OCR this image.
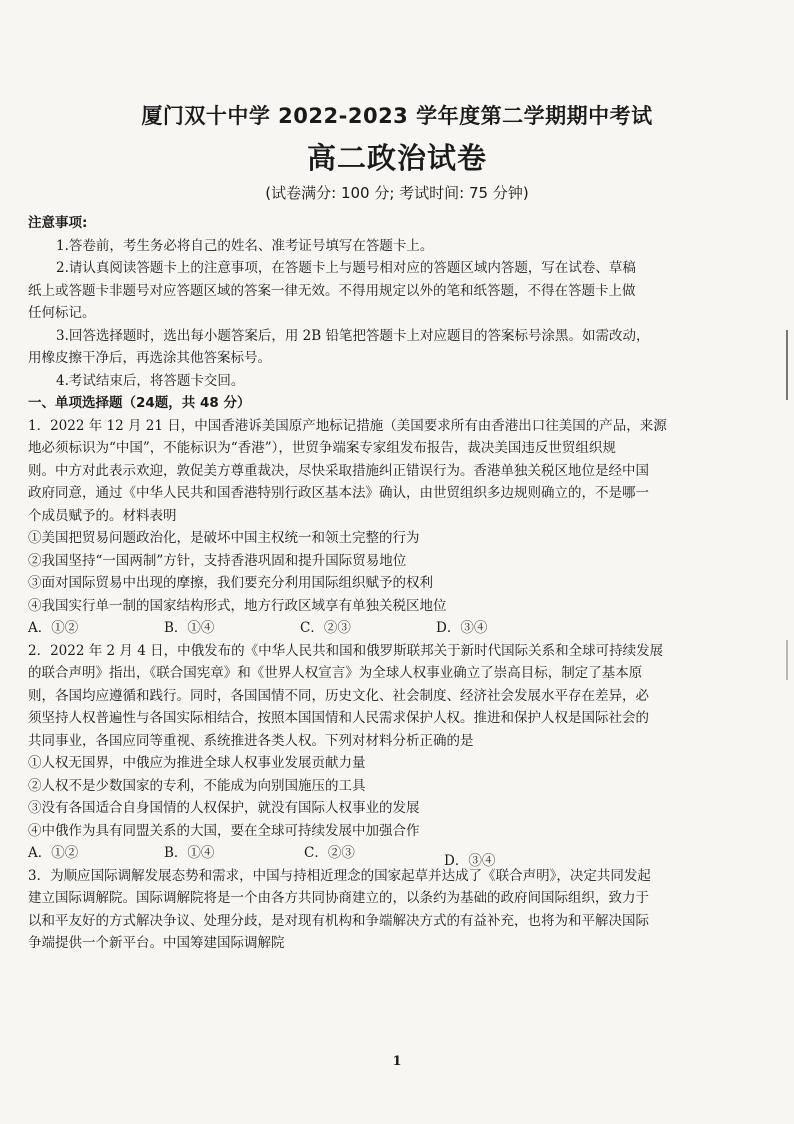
厦门双十中学 2022-2023 学年度第二学期期中考试
高二政治试卷
(试卷满分: 100 分; 考试时间: 75 分钟)
注意事项:
1.答卷前，考生务必将自己的姓名、准考证号填写在答题卡上。
2.请认真阅读答题卡上的注意事项，在答题卡上与题号相对应的答题区域内答题，写在试卷、草稿
纸上或答题卡非题号对应答题区域的答案一律无效。不得用规定以外的笔和纸答题，不得在答题卡上做
任何标记。
3.回答选择题时，选出每小题答案后，用 2B 铅笔把答题卡上对应题目的答案标号涂黑。如需改动，
用橡皮擦干净后，再选涂其他答案标号。
4.考试结束后，将答题卡交回。
一、单项选择题（24题，共 48 分）
1．2022 年 12 月 21 日，中国香港诉美国原产地标记措施（美国要求所有由香港出口往美国的产品，来源
地必须标识为“中国”，不能标识为“香港”），世贸争端案专家组发布报告，裁决美国违反世贸组织规
则。中方对此表示欢迎，敦促美方尊重裁决，尽快采取措施纠正错误行为。香港单独关税区地位是经中国
政府同意，通过《中华人民共和国香港特别行政区基本法》确认，由世贸组织多边规则确立的，不是哪一
个成员赋予的。材料表明
①美国把贸易问题政治化，是破坏中国主权统一和领土完整的行为
②我国坚持“一国两制”方针，支持香港巩固和提升国际贸易地位
③面对国际贸易中出现的摩擦，我们要充分利用国际组织赋予的权利
④我国实行单一制的国家结构形式，地方行政区域享有单独关税区地位
A．①②	B．①④	C．②③	D．③④
2．2022 年 2 月 4 日，中俄发布的《中华人民共和国和俄罗斯联邦关于新时代国际关系和全球可持续发展
的联合声明》指出，《联合国宪章》和《世界人权宣言》为全球人权事业确立了崇高目标，制定了基本原
则，各国均应遵循和践行。同时，各国国情不同，历史文化、社会制度、经济社会发展水平存在差异，必
须坚持人权普遍性与各国实际相结合，按照本国国情和人民需求保护人权。推进和保护人权是国际社会的
共同事业，各国应同等重视、系统推进各类人权。下列对材料分析正确的是
①人权无国界，中俄应为推进全球人权事业发展贡献力量
②人权不是少数国家的专利，不能成为向别国施压的工具
③没有各国适合自身国情的人权保护，就没有国际人权事业的发展
④中俄作为具有同盟关系的大国，要在全球可持续发展中加强合作
A．①②	B．①④	C．②③	D．③④
3．为顺应国际调解发展态势和需求，中国与持相近理念的国家起草并达成了《联合声明》，决定共同发起
建立国际调解院。国际调解院将是一个由各方共同协商建立的，以条约为基础的政府间国际组织，致力于
以和平友好的方式解决争议、处理分歧，是对现有机构和争端解决方式的有益补充，也将为和平解决国际
争端提供一个新平台。中国筹建国际调解院
1
